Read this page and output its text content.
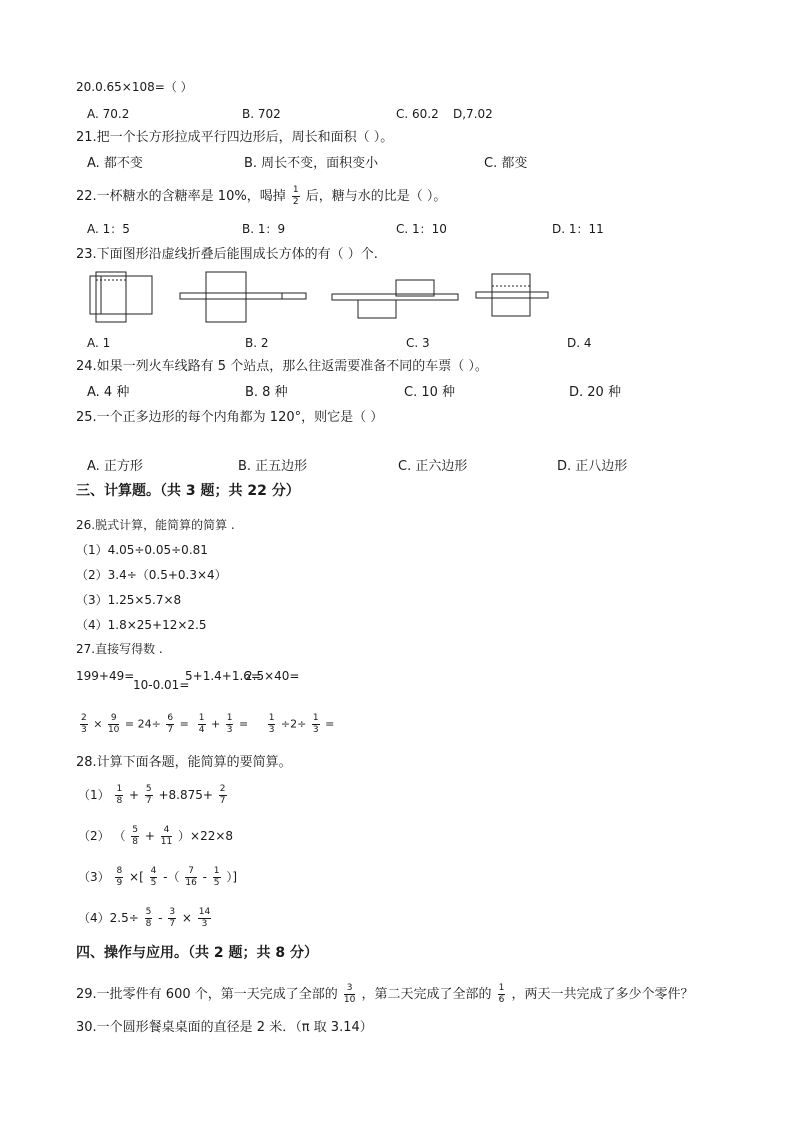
20.0.65×108=（ ）
A. 70.2	B. 702	C. 60.2 D,7.02
21.把一个长方形拉成平行四边形后，周长和面积（ ）。
A. 都不变	B. 周长不变，面积变小	C. 都变
22.一杯糖水的含糖率是 10%，喝掉 $\frac{1}{2}$ 后，糖与水的比是（ ）。
A. 1：5	B. 1：9	C. 1：10	D. 1：11
23.下面图形沿虚线折叠后能围成长方体的有（ ）个.
A. 1	B. 2	C. 3	D. 4
24.如果一列火车线路有 5 个站点，那么往返需要准备不同的车票（ ）。
A. 4 种	B. 8 种	C. 10 种	D. 20 种
25.一个正多边形的每个内角都为 120°，则它是（ ）
A. 正方形	B. 正五边形	C. 正六边形	D. 正八边形
三、计算题。（共 3 题；共 22 分）
26.脱式计算，能简算的简算 .
（1）4.05÷0.05÷0.81
（2）3.4÷（0.5+0.3×4）
（3）1.25×5.7×8
（4）1.8×25+12×2.5
27.直接写得数 .
199+49=
10-0.01=
5+1.4+1.6=
2.5×40=
$\frac{2}{3} \times \frac{9}{10} = 24\div \frac{6}{7} = \frac{1}{4} + \frac{1}{3} = \frac{1}{3} \div 2\div \frac{1}{3}$ =
28.计算下面各题，能简算的要简算。
$(1) \frac{1}{8} + \frac{5}{7} +8.875+ \frac{2}{7}$
（2） （ $\frac{5}{8} + \frac{4}{11} )\times 22\times 8$
$(3) \frac{8}{9}$ ×[ $\frac{4}{5}$ -（ $\frac{7}{16} - \frac{1}{5}$ ）]
$(4)2.5\div \frac{5}{8} - \frac{3}{7} \times \frac{14}{3}$
四、操作与应用。（共 2 题；共 8 分）
29.一批零件有 600 个，第一天完成了全部的 $\frac{3}{10}$ ，第二天完成了全部的 $\frac{1}{6}$ ，两天一共完成了多少个零件？
30.一个圆形餐桌桌面的直径是 2 米．（π 取 3.14）
